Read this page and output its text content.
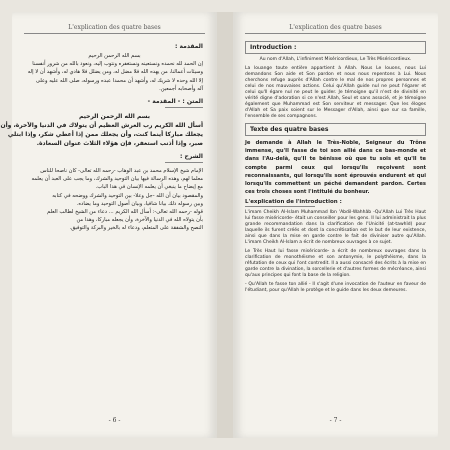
L'explication des quatre bases
المقدمة :
بسم الله الرحمن الرحيم
إن الحمد لله نحمده ونستعينه ونستغفره ونتوب إليه، ونعوذ بالله من شرور أنفسنا
وسيئات أعمالنا، من يهده الله فلا مضل له، ومن يضلل فلا هادي له، وأشهد أن لا إله
إلا الله وحده لا شريك له، وأشهد أن محمدا عبده ورسوله، صلى الله عليه وعلى
آله وأصحابه أجمعين.
المتن : - المقدمة -
بسم الله الرحمن الرحيم
أسأل الله الكريم رب العرش العظيم أن يتولاك في الدنيا والآخرة، وأن
يجعلك مباركا أينما كنت، وأن يجعلك ممن إذا أعطي شكر، وإذا ابتلي
صبر، وإذا أذنب استغفر، فإن هؤلاء الثلاث عنوان السعادة.
الشرح :
الإمام شيخ الإسلام محمد بن عبد الوهاب -رحمه الله تعالى- كان ناصحا للناس
معلما لهم، وهذه الرسالة فيها بيان التوحيد والشرك، وما يجب على العبد أن يعلمه
مع إيضاح ما ينبغي أن يعلمه الإنسان في هذا الباب.
والمقصود بيان أن الله -جل وعلا- بين التوحيد والشرك ووضحه في كتابه
وبين رسوله ذلك بيانا شافيا، وبيان أصول التوحيد وما يضاده.
قوله -رحمه الله تعالى-: أسأل الله الكريم ... دعاء من الشيخ لطالب العلم
بأن يتولاه الله في الدنيا والآخرة، وأن يجعله مباركا، وهذا من
النصح والشفقة على المتعلم، ودعاء له بالخير والبركة والتوفيق.
- 6 -
L'explication des quatre bases
Introduction :
Au nom d'Allah, L'infiniment Miséricordieux, Le Très Miséricordieux.
La louange toute entière appartient à Allah. Nous Le louons, nous Lui demandons Son aide et Son pardon et nous nous repentons à Lui. Nous cherchons refuge auprès d'Allah contre le mal de nos propres personnes et celui de nos mauvaises actions. Celui qu'Allah guide nul ne peut l'égarer et celui qu'Il égare nul ne peut le guider. Je témoigne qu'il n'est de divinité en vérité digne d'adoration si ce n'est Allah, Seul et sans associé, et je témoigne également que Muhammad est Son serviteur et messager. Que les éloges d'Allah et Sa paix soient sur le Messager d'Allah, ainsi que sur sa famille, l'ensemble de ses compagnons.
Texte des quatre bases
Je demande à Allah le Très-Noble, Seigneur du Trône immense, qu'Il fasse de toi son allié dans ce bas-monde et dans l'Au-delà, qu'Il te bénisse où que tu sois et qu'Il te compte parmi ceux qui lorsqu'ils reçoivent sont reconnaissants, qui lorsqu'ils sont éprouvés endurent et qui lorsqu'ils commettent un péché demandent pardon. Certes ces trois choses sont l'intitulé du bonheur.
L'explication de l'introduction :
L'imam Cheikh Al-Islam Muhammad Ibn 'Abdil-Wahhâb -Qu'Allah Lui Très Haut lui fasse miséricorde- était un conseiller pour les gens. Il lui administrait la plus grande recommandation dans la clarification de l'Unicité (at-tawhîd) pour laquelle ils furent créés et dont la concrétisation est le but de leur existence, ainsi que dans la mise en garde contre le fait de diviniser autre qu'Allah. L'imam Cheikh Al-Islam a écrit de nombreux ouvrages à ce sujet.
Le Très Haut lui fasse miséricorde- a écrit de nombreux ouvrages dans la clarification de monothéisme et son antonymie, le polythéisme, dans la réfutation de ceux qui l'ont contredit. Il a aussi consacré des écrits à la mise en garde contre la divination, la sorcellerie et d'autres formes de mécréance, ainsi qu'aux principes qui font la base de la religion.
- Qu'Allah te fasse ton allié - Il s'agit d'une invocation de l'auteur en faveur de l'étudiant, pour qu'Allah le protège et le guide dans les deux demeures.
- 7 -
